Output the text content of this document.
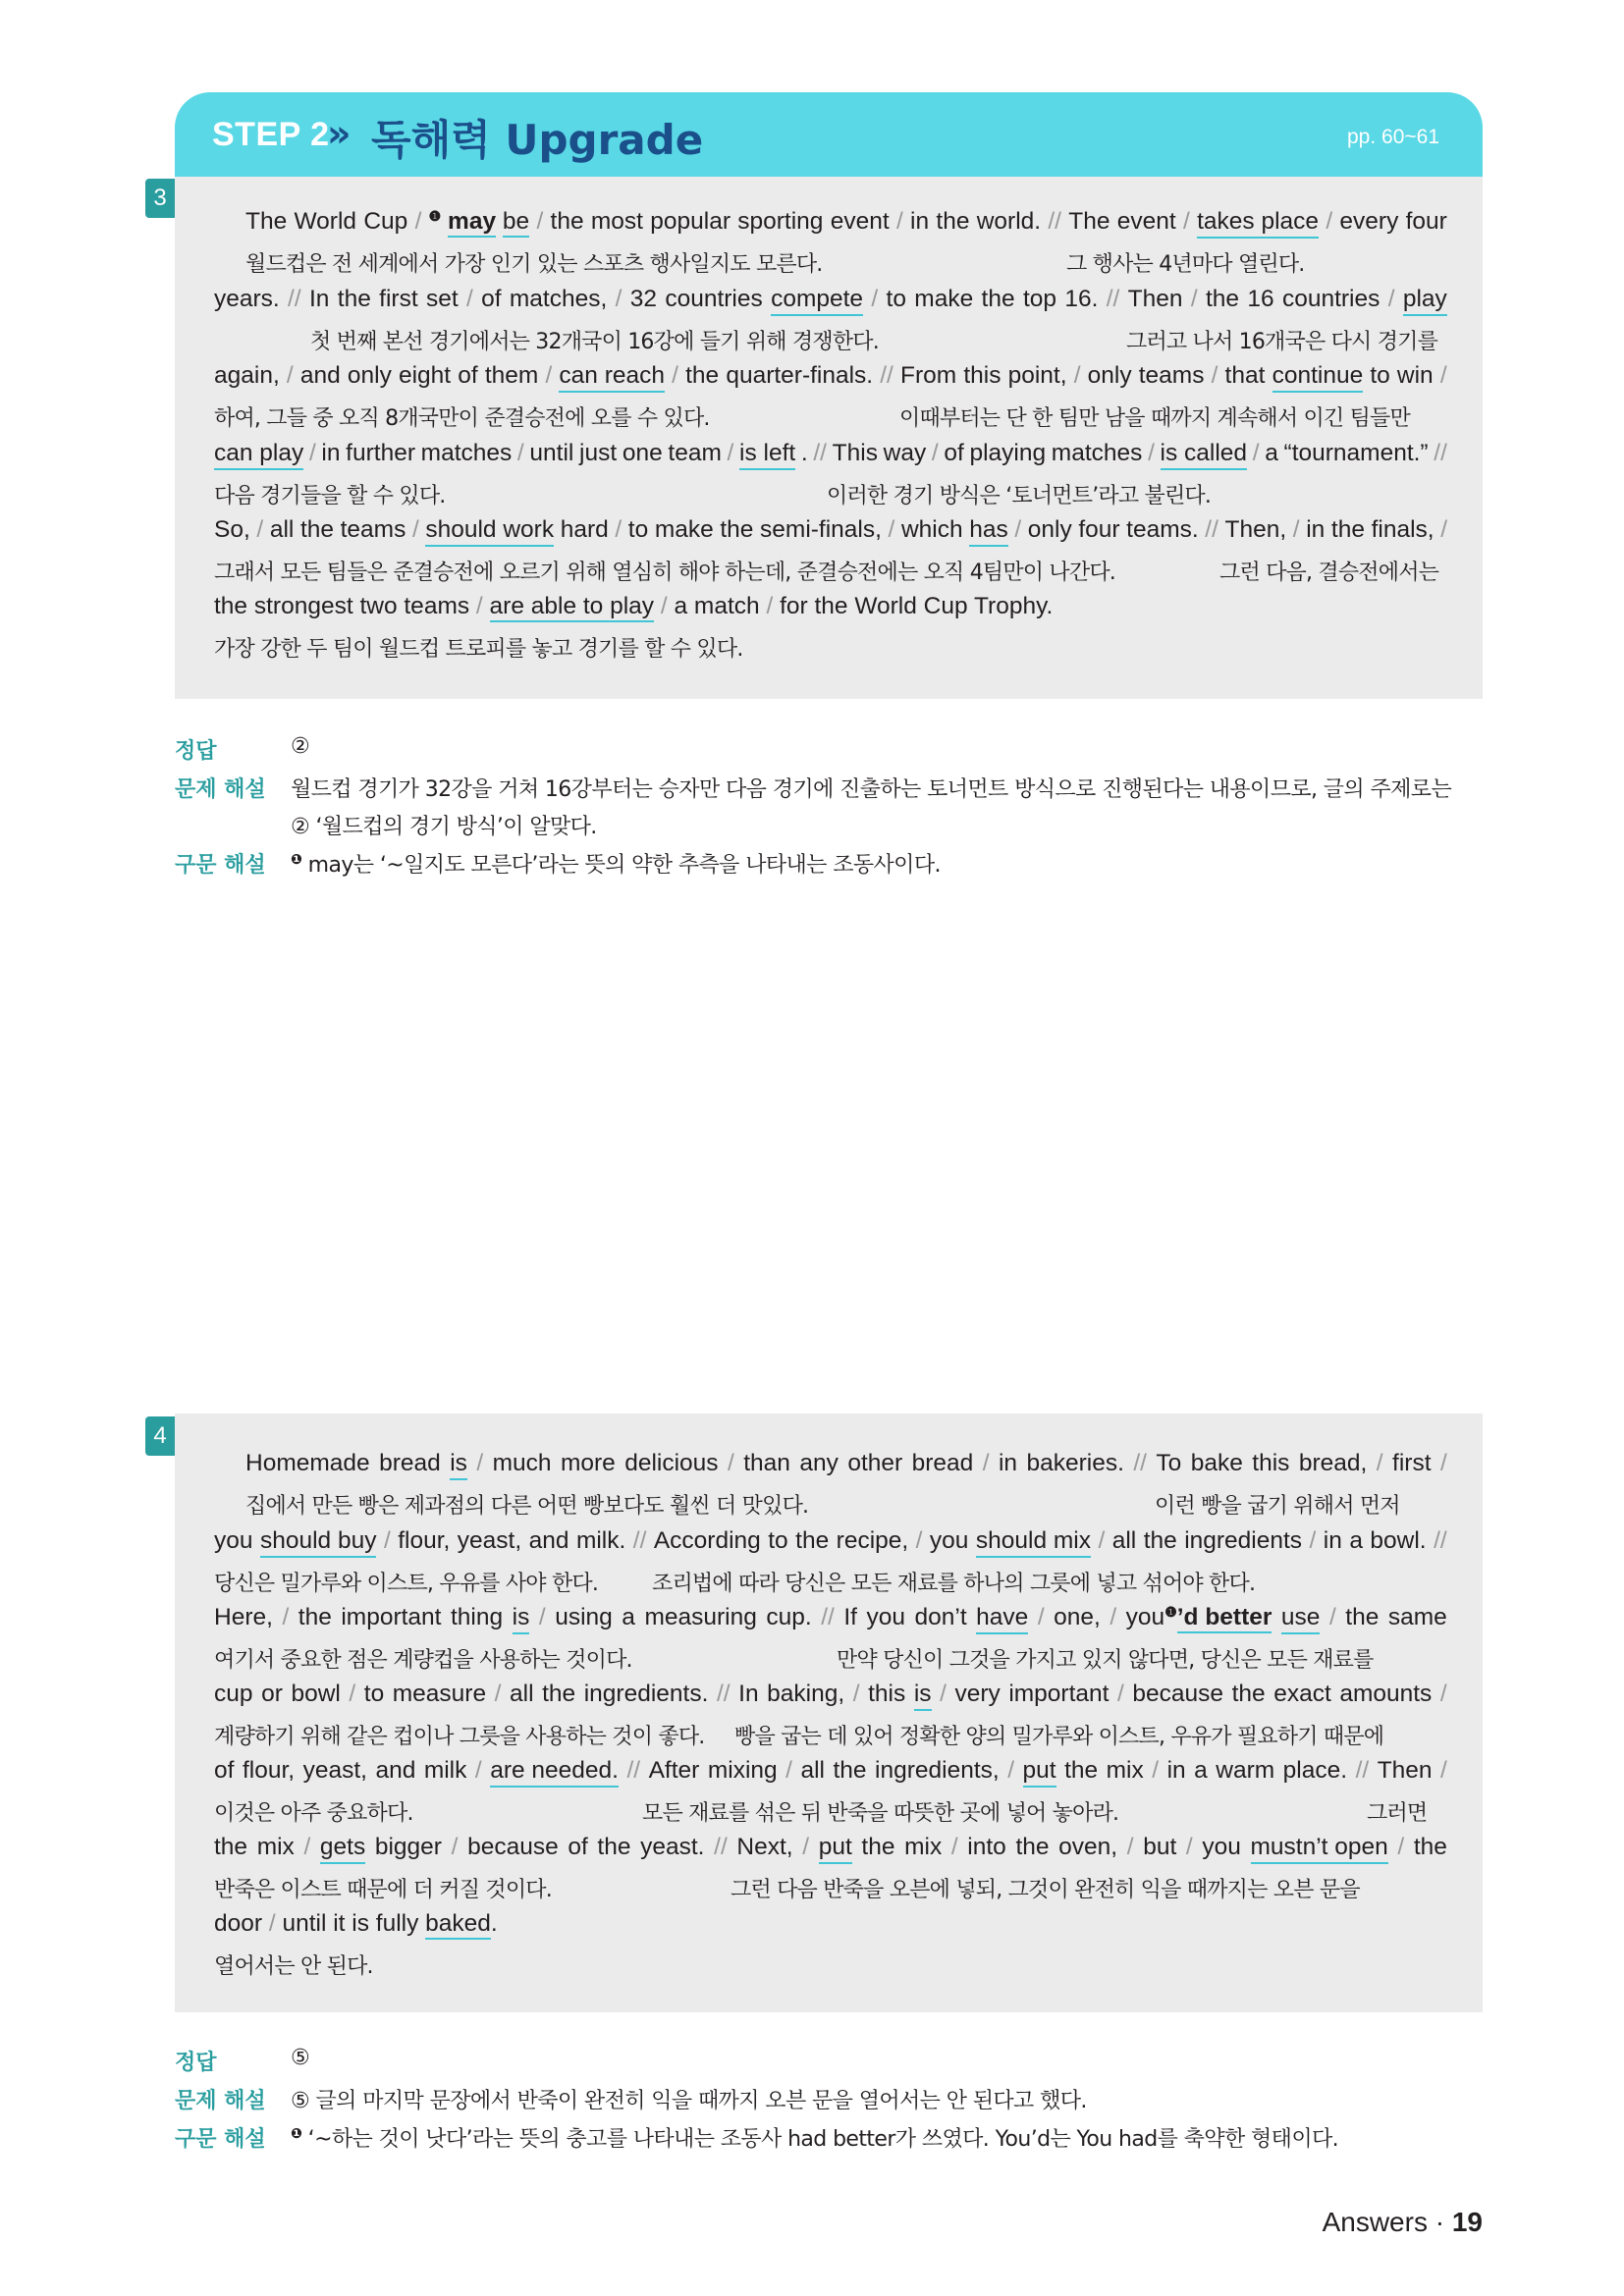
STEP 2
» 독해력 Upgrade	pp. 60~61
3
The World Cup / $^❶$ may be / the most popular sporting event / in the world. // The event / takes place / every four
월드컵은 전 세계에서 가장 인기 있는 스포츠 행사일지도 모른다.	그 행사는 4년마다 열린다.
years. // In the first set / of matches, / 32 countries compete / to make the top 16. // Then / the 16 countries / play
첫 번째 본선 경기에서는 32개국이 16강에 들기 위해 경쟁한다.	그러고 나서 16개국은 다시 경기를
again, / and only eight of them / can reach / the quarter-finals. // From this point, / only teams / that continue to win /
하여, 그들 중 오직 8개국만이 준결승전에 오를 수 있다.	이때부터는 단 한 팀만 남을 때까지 계속해서 이긴 팀들만
can play / in further matches / until just one team / is left . // This way / of playing matches / is called / a “tournament.” //
다음 경기들을 할 수 있다.	이러한 경기 방식은 ‘토너먼트’라고 불린다.
So, / all the teams / should work hard / to make the semi-finals, / which has / only four teams. // Then, / in the finals, /
그래서 모든 팀들은 준결승전에 오르기 위해 열심히 해야 하는데, 준결승전에는 오직 4팀만이 나간다.	그런 다음, 결승전에서는
the strongest two teams / are able to play / a match / for the World Cup Trophy.
가장 강한 두 팀이 월드컵 트로피를 놓고 경기를 할 수 있다.
정답	②
문제 해설 월드컵 경기가 32강을 거쳐 16강부터는 승자만 다음 경기에 진출하는 토너먼트 방식으로 진행된다는 내용이므로, 글의 주제로는
② ‘월드컵의 경기 방식’이 알맞다.
구문 해설 $^❶$ may는 ‘~일지도 모른다’라는 뜻의 약한 추측을 나타내는 조동사이다.
4
Homemade bread is / much more delicious / than any other bread / in bakeries. // To bake this bread, / first /
집에서 만든 빵은 제과점의 다른 어떤 빵보다도 훨씬 더 맛있다.	이런 빵을 굽기 위해서 먼저
you should buy / flour, yeast, and milk. // According to the recipe, / you should mix / all the ingredients / in a bowl. //
당신은 밀가루와 이스트, 우유를 사야 한다. 조리법에 따라 당신은 모든 재료를 하나의 그릇에 넣고 섞어야 한다.
Here, / the important thing is / using a measuring cup. // If you don’t have / one, / you$^❶$’d better use / the same
여기서 중요한 점은 계량컵을 사용하는 것이다.	만약 당신이 그것을 가지고 있지 않다면, 당신은 모든 재료를
cup or bowl / to measure / all the ingredients. // In baking, / this is / very important / because the exact amounts /
계량하기 위해 같은 컵이나 그릇을 사용하는 것이 좋다. 빵을 굽는 데 있어 정확한 양의 밀가루와 이스트, 우유가 필요하기 때문에
of flour, yeast, and milk / are needed. // After mixing / all the ingredients, / put the mix / in a warm place. // Then /
이것은 아주 중요하다.	모든 재료를 섞은 뒤 반죽을 따뜻한 곳에 넣어 놓아라.	그러면
the mix / gets bigger / because of the yeast. // Next, / put the mix / into the oven, / but / you mustn’t open / the
반죽은 이스트 때문에 더 커질 것이다.	그런 다음 반죽을 오븐에 넣되, 그것이 완전히 익을 때까지는 오븐 문을
door / until it is fully baked.
열어서는 안 된다.
정답	⑤
문제 해설 ⑤ 글의 마지막 문장에서 반죽이 완전히 익을 때까지 오븐 문을 열어서는 안 된다고 했다.
구문 해설 $^❶$ ‘~하는 것이 낫다’라는 뜻의 충고를 나타내는 조동사 had better가 쓰였다. You’d는 You had를 축약한 형태이다.
Answers · 19
